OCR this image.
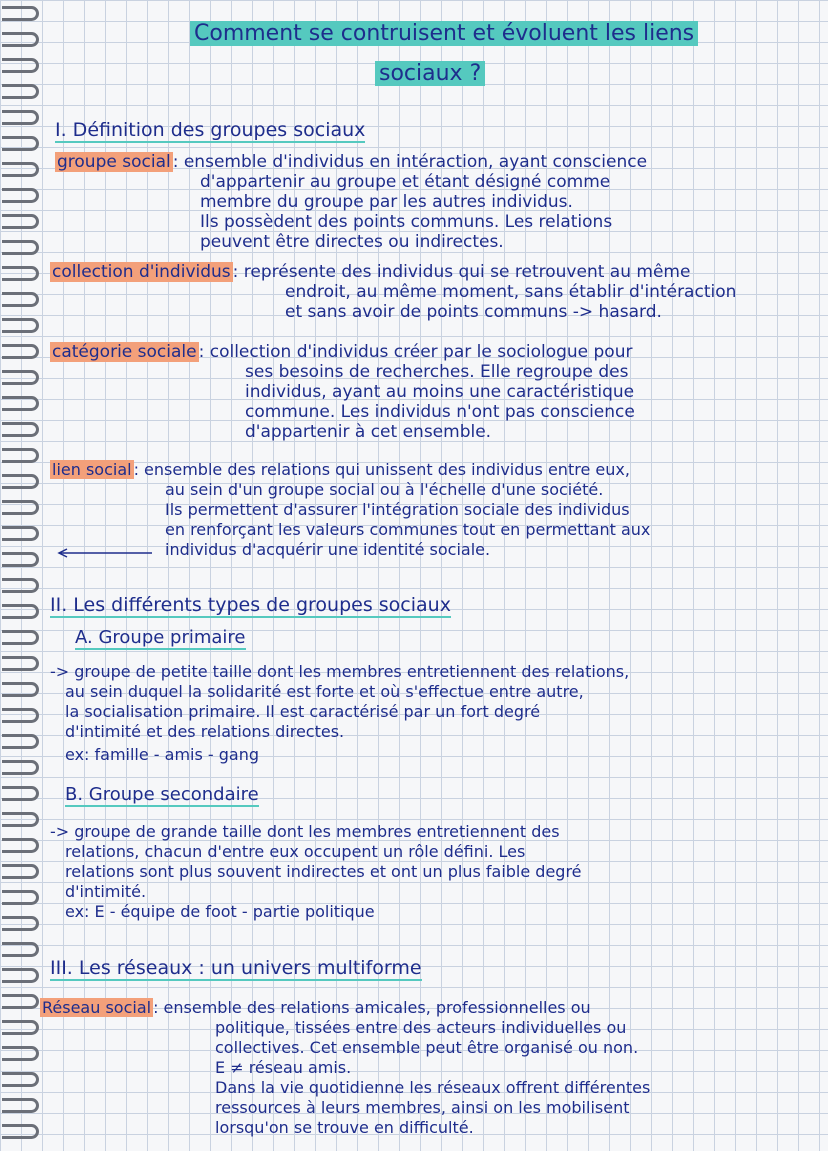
Comment se contruisent et évoluent les liens
sociaux ?
I. Définition des groupes sociaux
groupe social : ensemble d'individus en intéraction, ayant conscience
d'appartenir au groupe et étant désigné comme
membre du groupe par les autres individus.
Ils possèdent des points communs. Les relations
peuvent être directes ou indirectes.
collection d'individus : représente des individus qui se retrouvent au même
endroit, au même moment, sans établir d'intéraction
et sans avoir de points communs -> hasard.
catégorie sociale : collection d'individus créer par le sociologue pour
ses besoins de recherches. Elle regroupe des
individus, ayant au moins une caractéristique
commune. Les individus n'ont pas conscience
d'appartenir à cet ensemble.
lien social : ensemble des relations qui unissent des individus entre eux,
au sein d'un groupe social ou à l'échelle d'une société.
Ils permettent d'assurer l'intégration sociale des individus
en renforçant les valeurs communes tout en permettant aux
individus d'acquérir une identité sociale.
II. Les différents types de groupes sociaux
A. Groupe primaire
-> groupe de petite taille dont les membres entretiennent des relations,
au sein duquel la solidarité est forte et où s'effectue entre autre,
la socialisation primaire. Il est caractérisé par un fort degré
d'intimité et des relations directes.
ex: famille - amis - gang
B. Groupe secondaire
-> groupe de grande taille dont les membres entretiennent des
relations, chacun d'entre eux occupent un rôle défini. Les
relations sont plus souvent indirectes et ont un plus faible degré
d'intimité.
ex: E - équipe de foot - partie politique
III. Les réseaux : un univers multiforme
Réseau social : ensemble des relations amicales, professionnelles ou
politique, tissées entre des acteurs individuelles ou
collectives. Cet ensemble peut être organisé ou non.
E ≠ réseau amis.
Dans la vie quotidienne les réseaux offrent différentes
ressources à leurs membres, ainsi on les mobilisent
lorsqu'on se trouve en difficulté.
